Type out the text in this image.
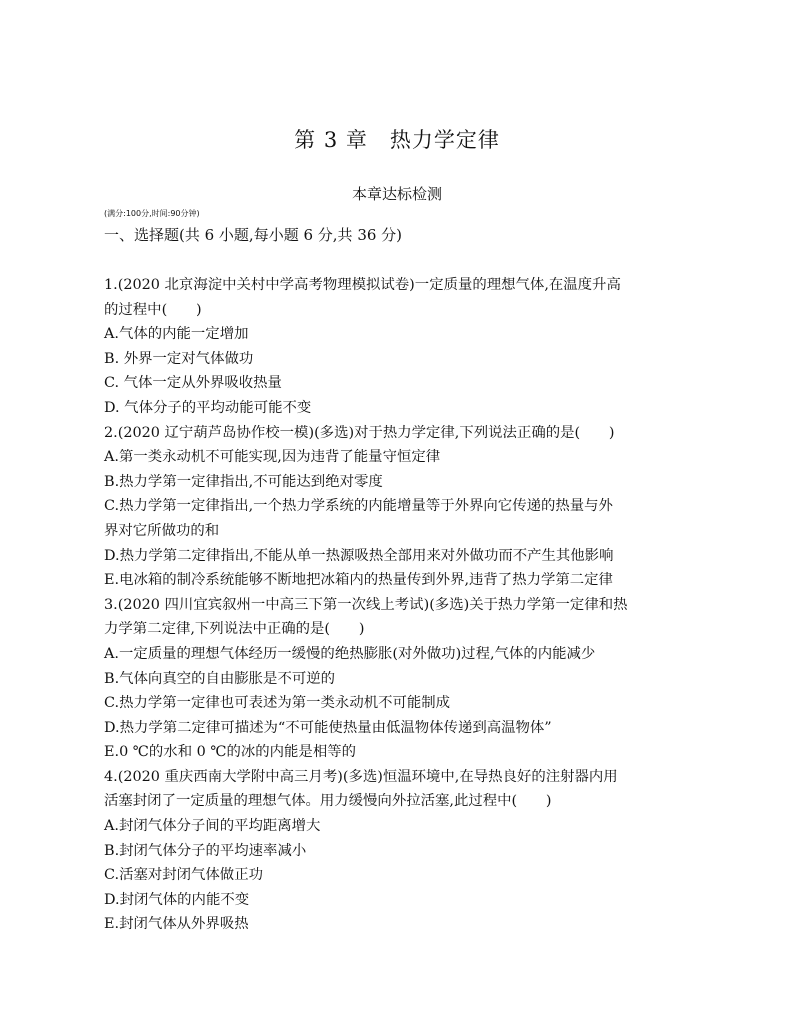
第 3 章　热力学定律
本章达标检测
(满分:100分,时间:90分钟)
一、选择题(共 6 小题,每小题 6 分,共 36 分)
1.(2020 北京海淀中关村中学高考物理模拟试卷)一定质量的理想气体,在温度升高
的过程中(　　)
A.气体的内能一定增加
B. 外界一定对气体做功
C. 气体一定从外界吸收热量
D. 气体分子的平均动能可能不变
2.(2020 辽宁葫芦岛协作校一模)(多选)对于热力学定律,下列说法正确的是(　　)
A.第一类永动机不可能实现,因为违背了能量守恒定律
B.热力学第一定律指出,不可能达到绝对零度
C.热力学第一定律指出,一个热力学系统的内能增量等于外界向它传递的热量与外
界对它所做功的和
D.热力学第二定律指出,不能从单一热源吸热全部用来对外做功而不产生其他影响
E.电冰箱的制冷系统能够不断地把冰箱内的热量传到外界,违背了热力学第二定律
3.(2020 四川宜宾叙州一中高三下第一次线上考试)(多选)关于热力学第一定律和热
力学第二定律,下列说法中正确的是(　　)
A.一定质量的理想气体经历一缓慢的绝热膨胀(对外做功)过程,气体的内能减少
B.气体向真空的自由膨胀是不可逆的
C.热力学第一定律也可表述为第一类永动机不可能制成
D.热力学第二定律可描述为“不可能使热量由低温物体传递到高温物体”
E.0 ℃的水和 0 ℃的冰的内能是相等的
4.(2020 重庆西南大学附中高三月考)(多选)恒温环境中,在导热良好的注射器内用
活塞封闭了一定质量的理想气体。用力缓慢向外拉活塞,此过程中(　　)
A.封闭气体分子间的平均距离增大
B.封闭气体分子的平均速率减小
C.活塞对封闭气体做正功
D.封闭气体的内能不变
E.封闭气体从外界吸热
